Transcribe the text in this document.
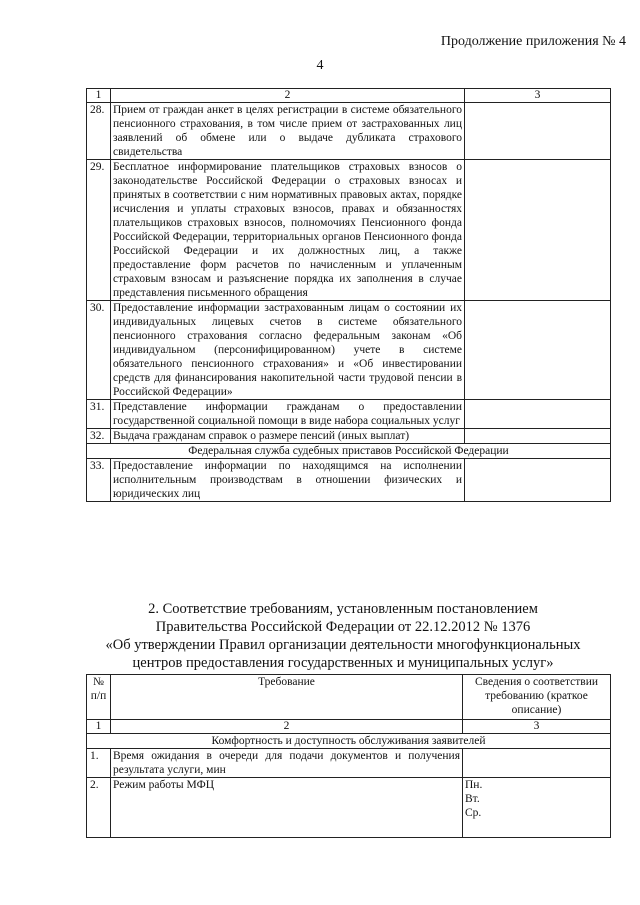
Продолжение приложения № 4
4
1	2	3
28.	Прием от граждан анкет в целях регистрации в системе обязательного пенсионного страхования, в том числе прием от застрахованных лиц заявлений об обмене или о выдаче дубликата страхового свидетельства	
29.	Бесплатное информирование плательщиков страховых взносов о законодательстве Российской Федерации о страховых взносах и принятых в соответствии с ним нормативных правовых актах, порядке исчисления и уплаты страховых взносов, правах и обязанностях плательщиков страховых взносов, полномочиях Пенсионного фонда Российской Федерации, территориальных органов Пенсионного фонда Российской Федерации и их должностных лиц, а также предоставление форм расчетов по начисленным и уплаченным страховым взносам и разъяснение порядка их заполнения в случае представления письменного обращения	
30.	Предоставление информации застрахованным лицам о состоянии их индивидуальных лицевых счетов в системе обязательного пенсионного страхования согласно федеральным законам «Об индивидуальном (персонифицированном) учете в системе обязательного пенсионного страхования» и «Об инвестировании средств для финансирования накопительной части трудовой пенсии в Российской Федерации»	
31.	Представление информации гражданам о предоставлении государственной социальной помощи в виде набора социальных услуг	
32.	Выдача гражданам справок о размере пенсий (иных выплат)	
Федеральная служба судебных приставов Российской Федерации		
33.	Предоставление информации по находящимся на исполнении исполнительным производствам в отношении физических и юридических лиц	
2. Соответствие требованиям, установленным постановлением
Правительства Российской Федерации от 22.12.2012 № 1376
«Об утверждении Правил организации деятельности многофункциональных
центров предоставления государственных и муниципальных услуг»
№ п/п	Требование	Сведения о соответствии требованию (краткое описание)
1	2	3
Комфортность и доступность обслуживания заявителей		
1.	Время ожидания в очереди для подачи документов и получения результата услуги, мин	
2.	Режим работы МФЦ	Пн.
Вт.
Ср.
